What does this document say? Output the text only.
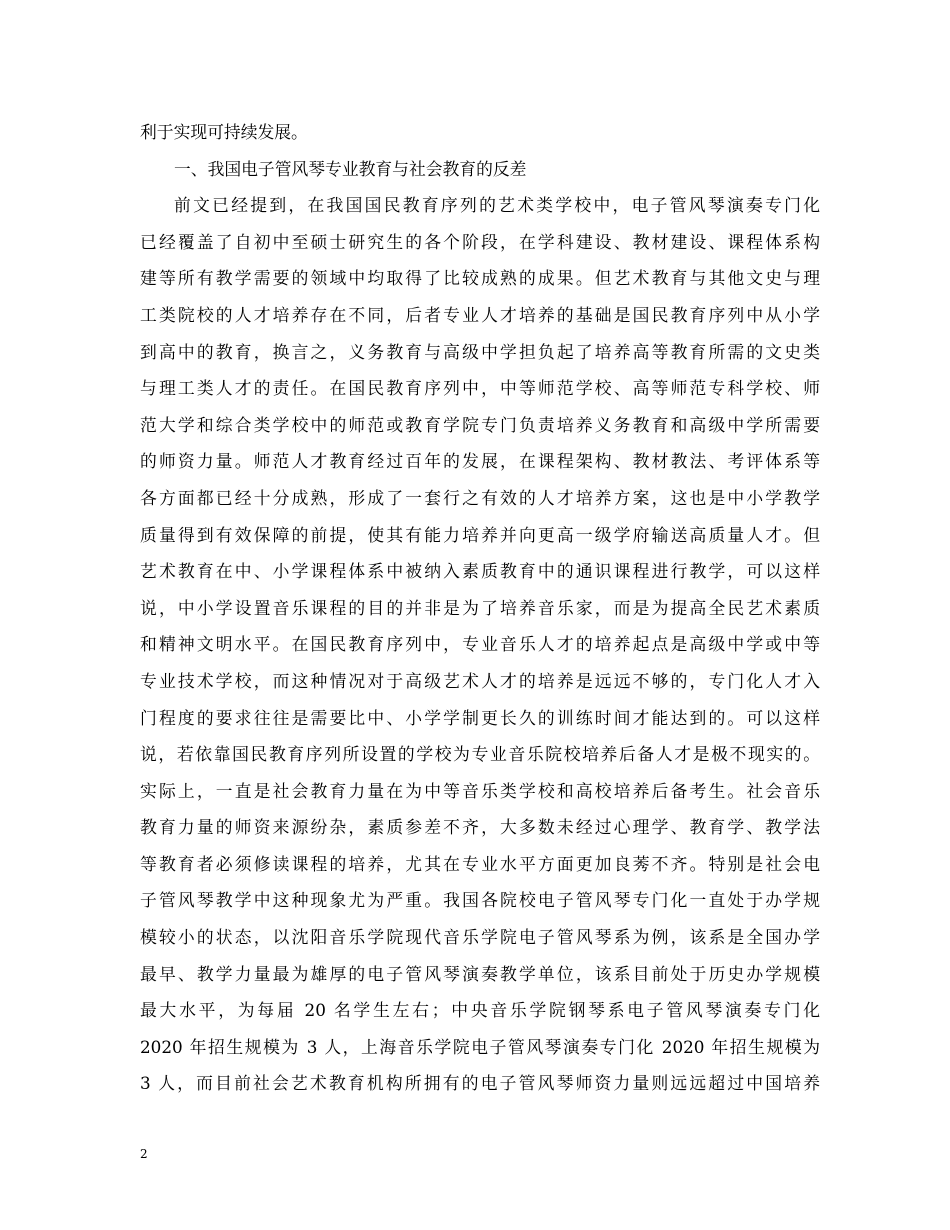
利于实现可持续发展。
一、我国电子管风琴专业教育与社会教育的反差
前文已经提到，在我国国民教育序列的艺术类学校中，电子管风琴演奏专门化
已经覆盖了自初中至硕士研究生的各个阶段，在学科建设、教材建设、课程体系构
建等所有教学需要的领域中均取得了比较成熟的成果。但艺术教育与其他文史与理
工类院校的人才培养存在不同，后者专业人才培养的基础是国民教育序列中从小学
到高中的教育，换言之，义务教育与高级中学担负起了培养高等教育所需的文史类
与理工类人才的责任。在国民教育序列中，中等师范学校、高等师范专科学校、师
范大学和综合类学校中的师范或教育学院专门负责培养义务教育和高级中学所需要
的师资力量。师范人才教育经过百年的发展，在课程架构、教材教法、考评体系等
各方面都已经十分成熟，形成了一套行之有效的人才培养方案，这也是中小学教学
质量得到有效保障的前提，使其有能力培养并向更高一级学府输送高质量人才。但
艺术教育在中、小学课程体系中被纳入素质教育中的通识课程进行教学，可以这样
说，中小学设置音乐课程的目的并非是为了培养音乐家，而是为提高全民艺术素质
和精神文明水平。在国民教育序列中，专业音乐人才的培养起点是高级中学或中等
专业技术学校，而这种情况对于高级艺术人才的培养是远远不够的，专门化人才入
门程度的要求往往是需要比中、小学学制更长久的训练时间才能达到的。可以这样
说，若依靠国民教育序列所设置的学校为专业音乐院校培养后备人才是极不现实的。
实际上，一直是社会教育力量在为中等音乐类学校和高校培养后备考生。社会音乐
教育力量的师资来源纷杂，素质参差不齐，大多数未经过心理学、教育学、教学法
等教育者必须修读课程的培养，尤其在专业水平方面更加良莠不齐。特别是社会电
子管风琴教学中这种现象尤为严重。我国各院校电子管风琴专门化一直处于办学规
模较小的状态，以沈阳音乐学院现代音乐学院电子管风琴系为例，该系是全国办学
最早、教学力量最为雄厚的电子管风琴演奏教学单位，该系目前处于历史办学规模
最大水平，为每届 20 名学生左右；中央音乐学院钢琴系电子管风琴演奏专门化
2020 年招生规模为 3 人，上海音乐学院电子管风琴演奏专门化 2020 年招生规模为
3 人，而目前社会艺术教育机构所拥有的电子管风琴师资力量则远远超过中国培养
2
